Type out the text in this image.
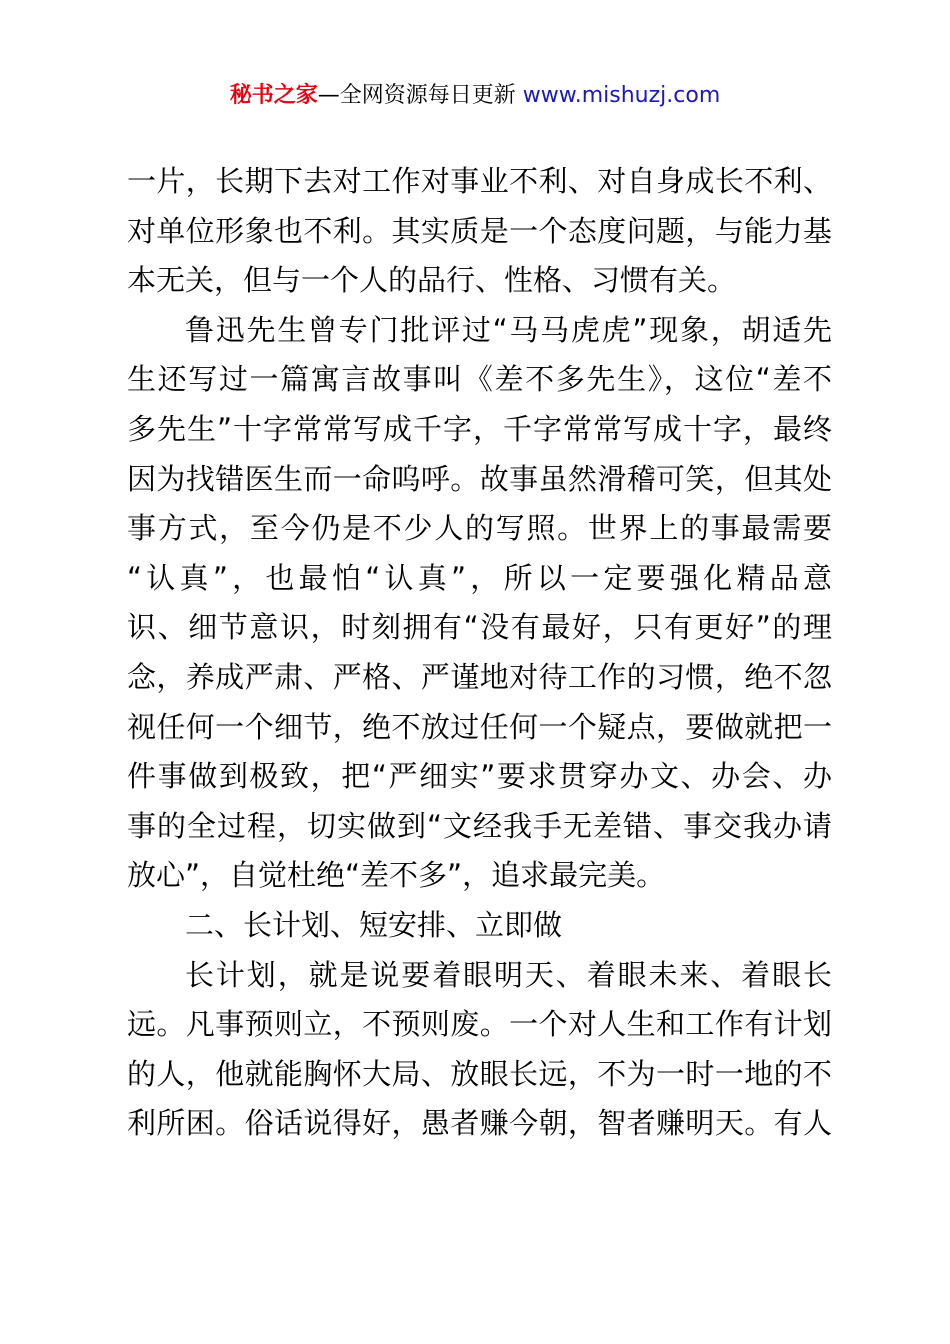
秘书之家—全网资源每日更新 www.mishuzj.com
一片，长期下去对工作对事业不利、对自身成长不利、
对单位形象也不利。其实质是一个态度问题，与能力基
本无关，但与一个人的品行、性格、习惯有关。
鲁迅先生曾专门批评过“马马虎虎”现象，胡适先
生还写过一篇寓言故事叫《差不多先生》，这位“差不
多先生”十字常常写成千字，千字常常写成十字，最终
因为找错医生而一命呜呼。故事虽然滑稽可笑，但其处
事方式，至今仍是不少人的写照。世界上的事最需要
“认真”，也最怕“认真”，所以一定要强化精品意
识、细节意识，时刻拥有“没有最好，只有更好”的理
念，养成严肃、严格、严谨地对待工作的习惯，绝不忽
视任何一个细节，绝不放过任何一个疑点，要做就把一
件事做到极致，把“严细实”要求贯穿办文、办会、办
事的全过程，切实做到“文经我手无差错、事交我办请
放心”，自觉杜绝“差不多”，追求最完美。
二、长计划、短安排、立即做
长计划，就是说要着眼明天、着眼未来、着眼长
远。凡事预则立，不预则废。一个对人生和工作有计划
的人，他就能胸怀大局、放眼长远，不为一时一地的不
利所困。俗话说得好，愚者赚今朝，智者赚明天。有人
